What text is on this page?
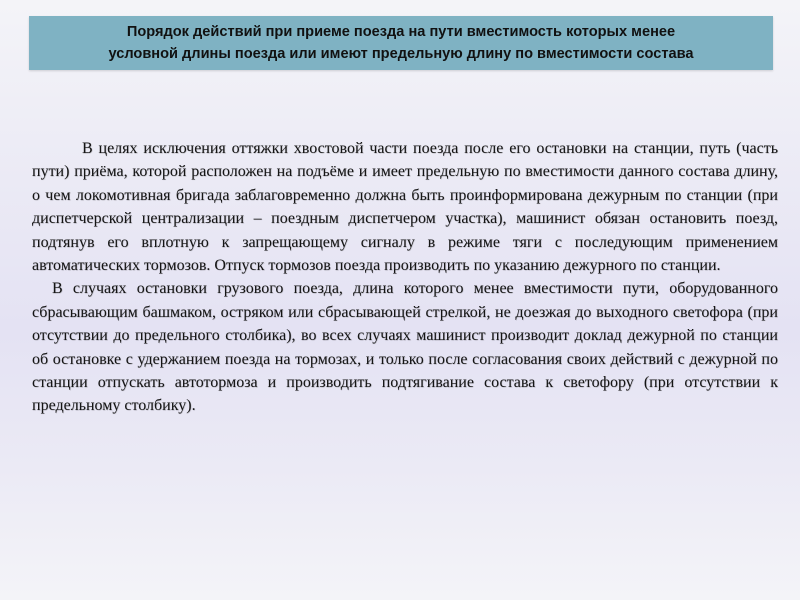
Порядок действий при приеме поезда на пути вместимость которых менее
условной длины поезда или имеют предельную длину по вместимости состава

В целях исключения оттяжки хвостовой части поезда после его остановки на станции, путь (часть пути) приёма, которой расположен на подъёме и имеет предельную по вместимости данного состава длину, о чем локомотивная бригада заблаговременно должна быть проинформирована дежурным по станции (при диспетчерской централизации – поездным диспетчером участка), машинист обязан остановить поезд, подтянув его вплотную к запрещающему сигналу в режиме тяги с последующим применением автоматических тормозов. Отпуск тормозов поезда производить по указанию дежурного по станции.

В случаях остановки грузового поезда, длина которого менее вместимости пути, оборудованного сбрасывающим башмаком, остряком или сбрасывающей стрелкой, не доезжая до выходного светофора (при отсутствии до предельного столбика), во всех случаях машинист производит доклад дежурной по станции об остановке с удержанием поезда на тормозах, и только после согласования своих действий с дежурной по станции отпускать автотормоза и производить подтягивание состава к светофору (при отсутствии к предельному столбику).
